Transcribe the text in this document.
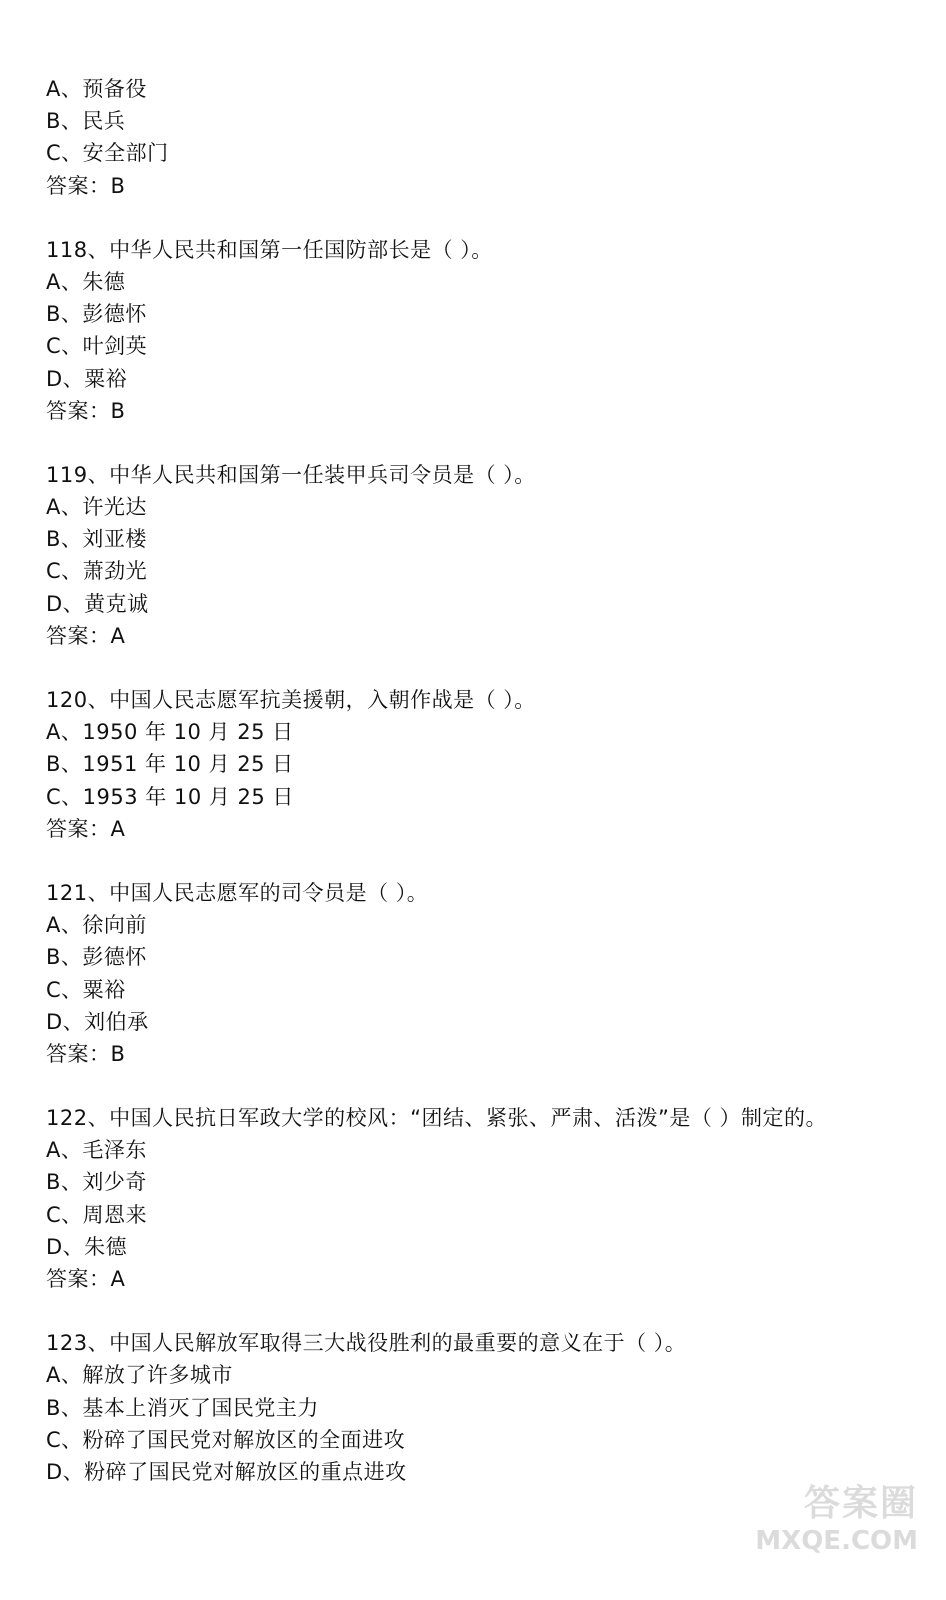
A、预备役
B、民兵
C、安全部门
答案：B
118、中华人民共和国第一任国防部长是（ ）。
A、朱德
B、彭德怀
C、叶剑英
D、粟裕
答案：B
119、中华人民共和国第一任装甲兵司令员是（ ）。
A、许光达
B、刘亚楼
C、萧劲光
D、黄克诚
答案：A
120、中国人民志愿军抗美援朝，入朝作战是（ ）。
A、1950 年 10 月 25 日
B、1951 年 10 月 25 日
C、1953 年 10 月 25 日
答案：A
121、中国人民志愿军的司令员是（ ）。
A、徐向前
B、彭德怀
C、粟裕
D、刘伯承
答案：B
122、中国人民抗日军政大学的校风：“团结、紧张、严肃、活泼”是（ ）制定的。
A、毛泽东
B、刘少奇
C、周恩来
D、朱德
答案：A
123、中国人民解放军取得三大战役胜利的最重要的意义在于（ ）。
A、解放了许多城市
B、基本上消灭了国民党主力
C、粉碎了国民党对解放区的全面进攻
D、粉碎了国民党对解放区的重点进攻
答案圈
MXQE.COM
